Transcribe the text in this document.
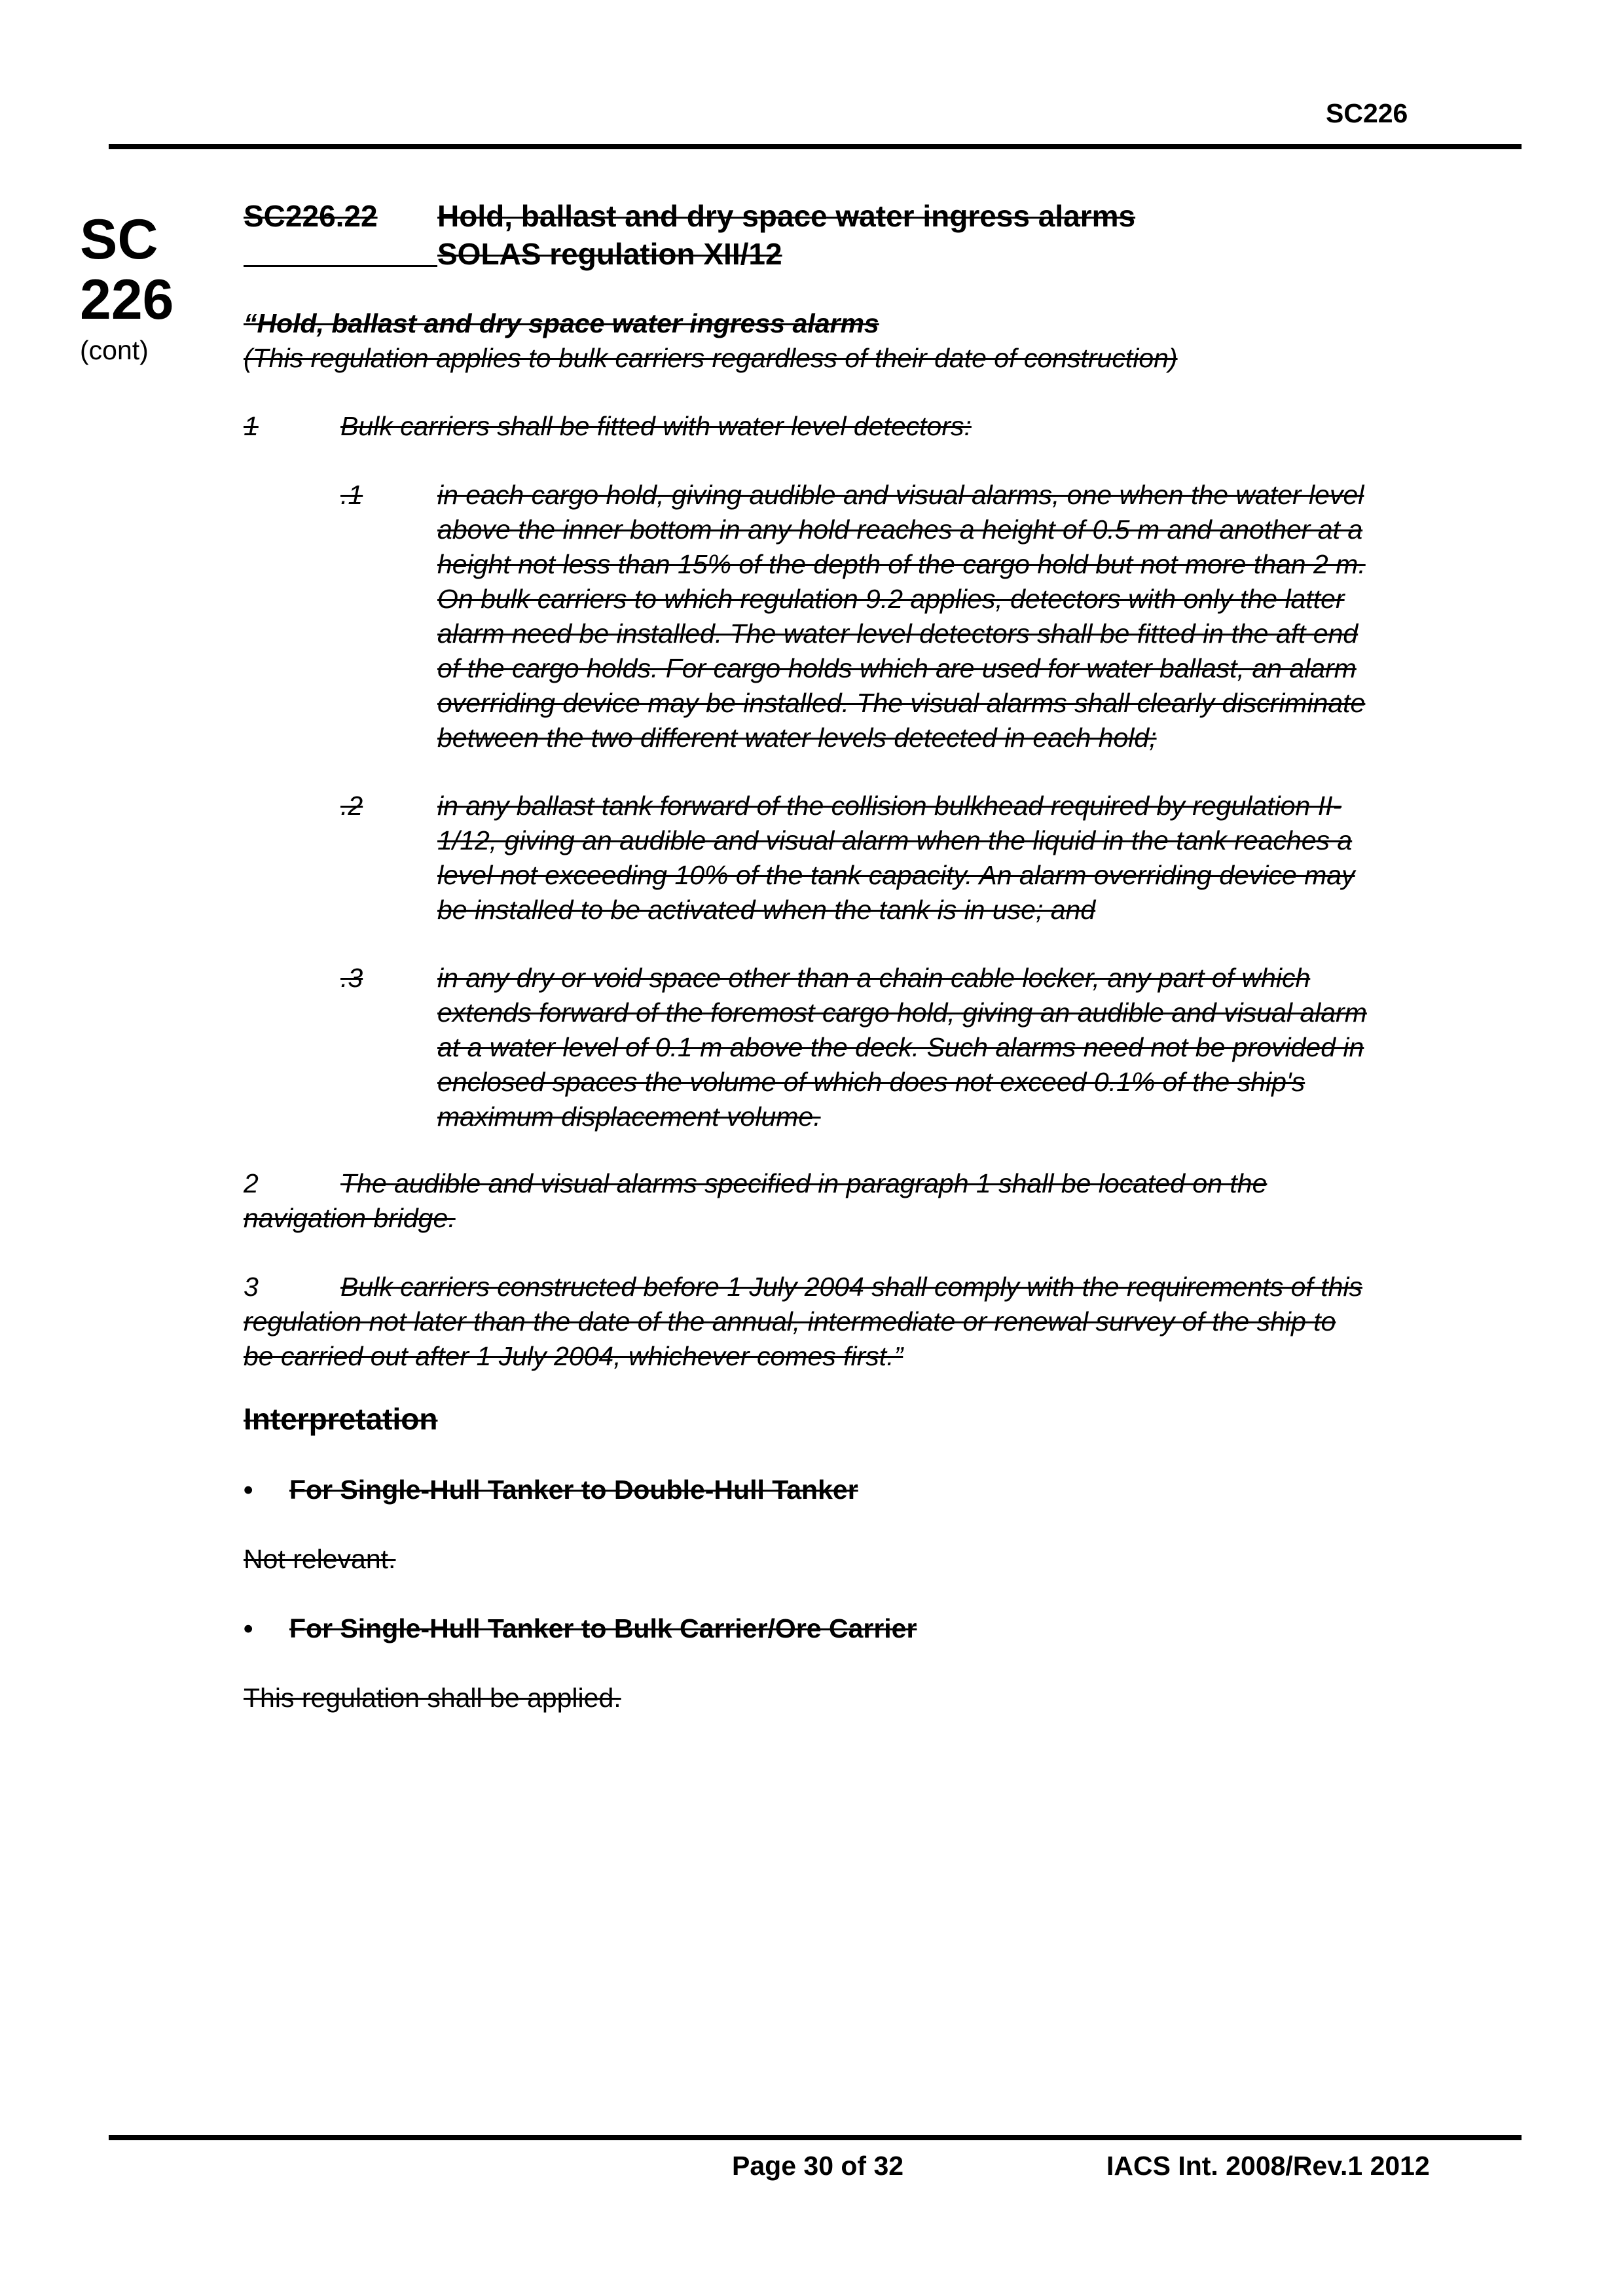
SC226
SC
226
(cont)
SC226.22 Hold, ballast and dry space water ingress alarms
SOLAS regulation XII/12
“Hold, ballast and dry space water ingress alarms
(This regulation applies to bulk carriers regardless of their date of construction)
1	Bulk carriers shall be fitted with water level detectors:
.1	in each cargo hold, giving audible and visual alarms, one when the water level
above the inner bottom in any hold reaches a height of 0.5 m and another at a
height not less than 15% of the depth of the cargo hold but not more than 2 m.
On bulk carriers to which regulation 9.2 applies, detectors with only the latter
alarm need be installed. The water level detectors shall be fitted in the aft end
of the cargo holds. For cargo holds which are used for water ballast, an alarm
overriding device may be installed. The visual alarms shall clearly discriminate
between the two different water levels detected in each hold;
.2	in any ballast tank forward of the collision bulkhead required by regulation II-
1/12, giving an audible and visual alarm when the liquid in the tank reaches a
level not exceeding 10% of the tank capacity. An alarm overriding device may
be installed to be activated when the tank is in use; and
.3	in any dry or void space other than a chain cable locker, any part of which
extends forward of the foremost cargo hold, giving an audible and visual alarm
at a water level of 0.1 m above the deck. Such alarms need not be provided in
enclosed spaces the volume of which does not exceed 0.1% of the ship's
maximum displacement volume.
2	The audible and visual alarms specified in paragraph 1 shall be located on the
navigation bridge.
3	Bulk carriers constructed before 1 July 2004 shall comply with the requirements of this
regulation not later than the date of the annual, intermediate or renewal survey of the ship to
be carried out after 1 July 2004, whichever comes first.”
Interpretation
• For Single-Hull Tanker to Double-Hull Tanker
Not relevant.
• For Single-Hull Tanker to Bulk Carrier/Ore Carrier
This regulation shall be applied.
Page 30 of 32	IACS Int. 2008/Rev.1 2012
